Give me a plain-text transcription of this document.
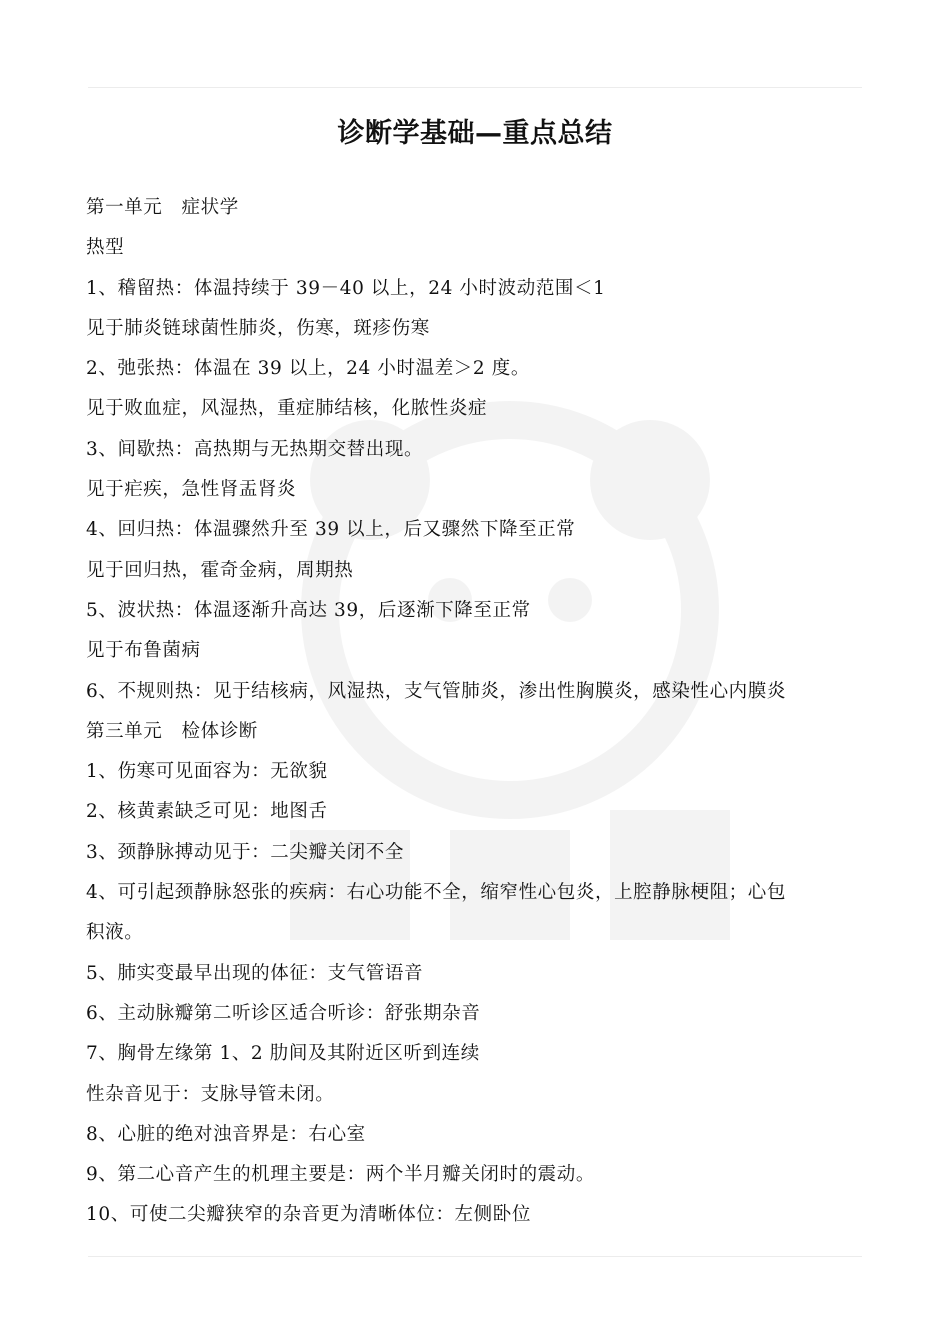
诊断学基础—重点总结
第一单元　症状学
热型
1、稽留热：体温持续于 39－40 以上，24 小时波动范围＜1
见于肺炎链球菌性肺炎，伤寒，斑疹伤寒
2、弛张热：体温在 39 以上，24 小时温差＞2 度。
见于败血症，风湿热，重症肺结核，化脓性炎症
3、间歇热：高热期与无热期交替出现。
见于疟疾，急性肾盂肾炎
4、回归热：体温骤然升至 39 以上，后又骤然下降至正常
见于回归热，霍奇金病，周期热
5、波状热：体温逐渐升高达 39，后逐渐下降至正常
见于布鲁菌病
6、不规则热：见于结核病，风湿热，支气管肺炎，渗出性胸膜炎，感染性心内膜炎
第三单元　检体诊断
1、伤寒可见面容为：无欲貌
2、核黄素缺乏可见：地图舌
3、颈静脉搏动见于：二尖瓣关闭不全
4、可引起颈静脉怒张的疾病：右心功能不全，缩窄性心包炎，上腔静脉梗阻；心包
积液。
5、肺实变最早出现的体征：支气管语音
6、主动脉瓣第二听诊区适合听诊：舒张期杂音
7、胸骨左缘第 1、2 肋间及其附近区听到连续
性杂音见于：支脉导管未闭。
8、心脏的绝对浊音界是：右心室
9、第二心音产生的机理主要是：两个半月瓣关闭时的震动。
10、可使二尖瓣狭窄的杂音更为清晰体位：左侧卧位
